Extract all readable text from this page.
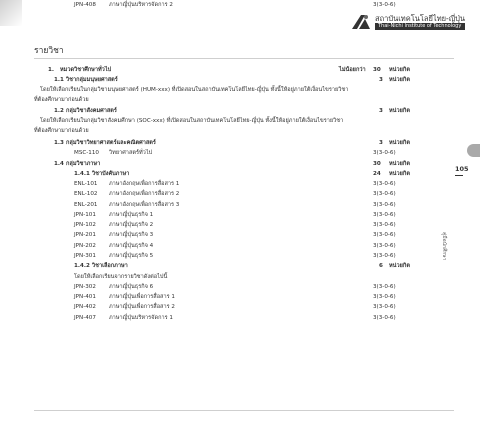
สถาบันเทคโนโลยีไทย-ญี่ปุ่น
Thai-Nichi Institute of Technology
รายวิชา
1. หมวดวิชาศึกษาทั่วไป	ไม่น้อยกว่า 30 หน่วยกิต
1.1 วิชากลุ่มมนุษยศาสตร์	3 หน่วยกิต
โดยให้เลือกเรียนในกลุ่มวิชามนุษยศาสตร์ (HUM-xxx) ที่เปิดสอนในสถาบันเทคโนโลยีไทย-ญี่ปุ่น ทั้งนี้ให้อยู่ภายใต้เงื่อนไขรายวิชา
ที่ต้องศึกษามาก่อนด้วย
1.2 กลุ่มวิชาสังคมศาสตร์	3 หน่วยกิต
โดยให้เลือกเรียนในกลุ่มวิชาสังคมศึกษา (SOC-xxx) ที่เปิดสอนในสถาบันเทคโนโลยีไทย-ญี่ปุ่น ทั้งนี้ให้อยู่ภายใต้เงื่อนไขรายวิชา
ที่ต้องศึกษามาก่อนด้วย
1.3 กลุ่มวิชาวิทยาศาสตร์และคณิตศาสตร์	3 หน่วยกิต
MSC-110 วิทยาศาสตร์ทั่วไป	3(3-0-6)
1.4 กลุ่มวิชาภาษา	30 หน่วยกิต
1.4.1 วิชาบังคับภาษา	24 หน่วยกิต
ENL-101 ภาษาอังกฤษเพื่อการสื่อสาร 1	3(3-0-6)
ENL-102 ภาษาอังกฤษเพื่อการสื่อสาร 2	3(3-0-6)
ENL-201 ภาษาอังกฤษเพื่อการสื่อสาร 3	3(3-0-6)
JPN-101 ภาษาญี่ปุ่นธุรกิจ 1	3(3-0-6)
JPN-102 ภาษาญี่ปุ่นธุรกิจ 2	3(3-0-6)
JPN-201 ภาษาญี่ปุ่นธุรกิจ 3	3(3-0-6)
JPN-202 ภาษาญี่ปุ่นธุรกิจ 4	3(3-0-6)
JPN-301 ภาษาญี่ปุ่นธุรกิจ 5	3(3-0-6)
1.4.2 วิชาเลือกภาษา	6 หน่วยกิต
โดยให้เลือกเรียนจากรายวิชาดังต่อไปนี้
JPN-302 ภาษาญี่ปุ่นธุรกิจ 6	3(3-0-6)
JPN-401 ภาษาญี่ปุ่นเพื่อการสื่อสาร 1	3(3-0-6)
JPN-402 ภาษาญี่ปุ่นเพื่อการสื่อสาร 2	3(3-0-6)
JPN-407 ภาษาญี่ปุ่นบริหารจัดการ 1	3(3-0-6)
JPN-408 ภาษาญี่ปุ่นบริหารจัดการ 2	3(3-0-6)
105
คู่มือนักศึกษา
